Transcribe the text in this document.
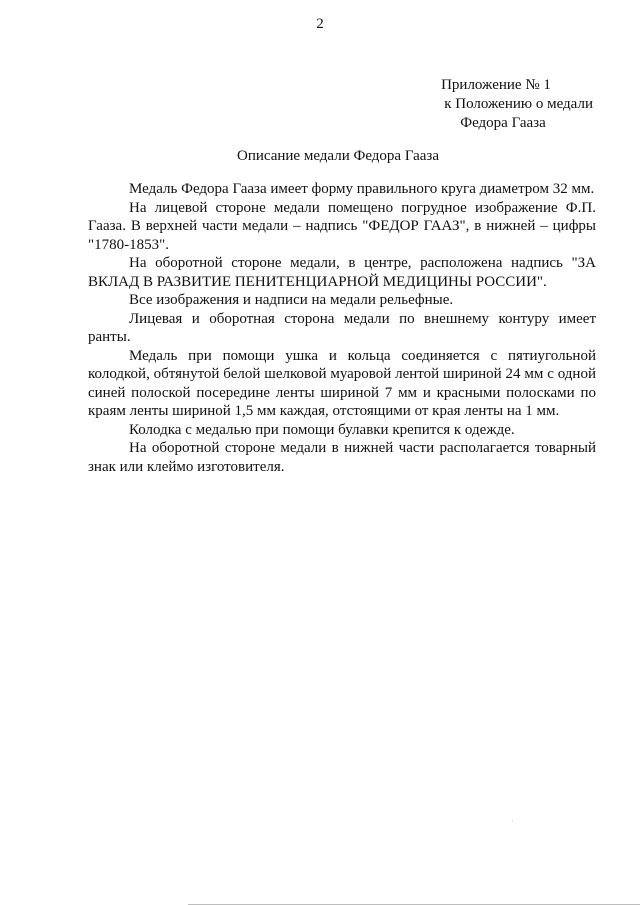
2
Приложение № 1
к Положению о медали
Федора Гааза
Описание медали Федора Гааза

Медаль Федора Гааза имеет форму правильного круга диаметром 32 мм.

На лицевой стороне медали помещено погрудное изображение Ф.П. Гааза. В верхней части медали – надпись "ФЕДОР ГААЗ", в нижней – цифры "1780-1853".

На оборотной стороне медали, в центре, расположена надпись "ЗА ВКЛАД В РАЗВИТИЕ ПЕНИТЕНЦИАРНОЙ МЕДИЦИНЫ РОССИИ".

Все изображения и надписи на медали рельефные.

Лицевая и оборотная сторона медали по внешнему контуру имеет ранты.

Медаль при помощи ушка и кольца соединяется с пятиугольной колодкой, обтянутой белой шелковой муаровой лентой шириной 24 мм с одной синей полоской посередине ленты шириной 7 мм и красными полосками по краям ленты шириной 1,5 мм каждая, отстоящими от края ленты на 1 мм.

Колодка с медалью при помощи булавки крепится к одежде.

На оборотной стороне медали в нижней части располагается товарный знак или клеймо изготовителя.
